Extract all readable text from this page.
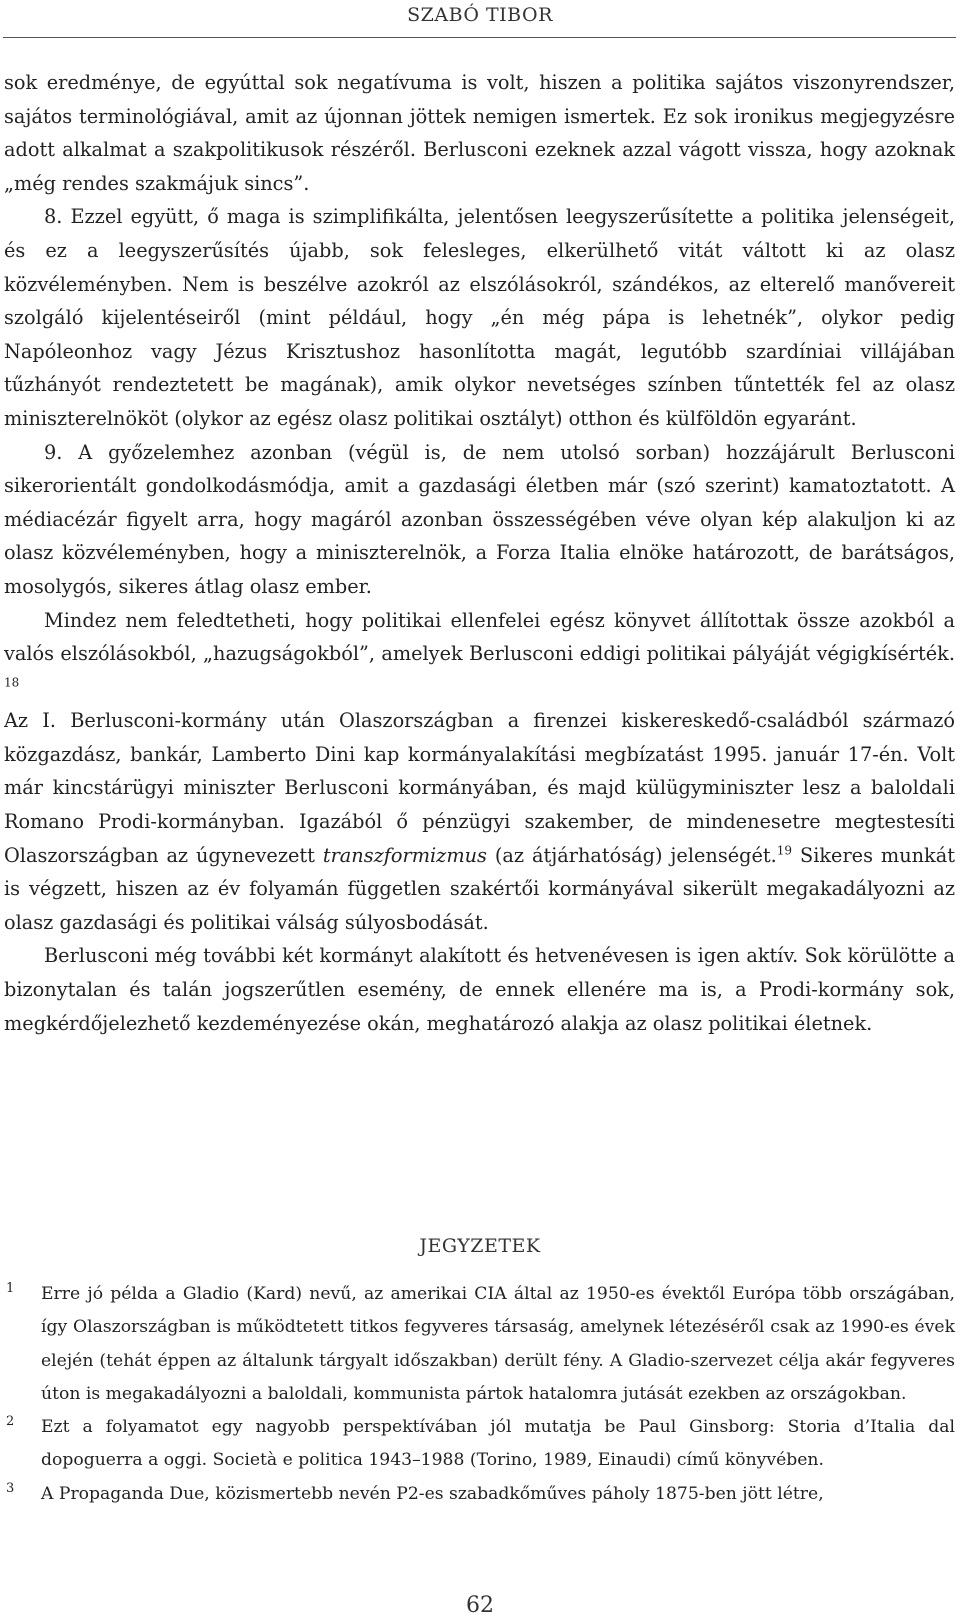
SZABÓ TIBOR

sok eredménye, de egyúttal sok negatívuma is volt, hiszen a politika sajátos viszonyrendszer, sajátos terminológiával, amit az újonnan jöttek nemigen ismertek. Ez sok ironikus megjegyzésre adott alkalmat a szakpolitikusok részéről. Berlusconi ezeknek azzal vágott vissza, hogy azoknak „még rendes szakmájuk sincs”.

8. Ezzel együtt, ő maga is szimplifikálta, jelentősen leegyszerűsítette a politika jelenségeit, és ez a leegyszerűsítés újabb, sok felesleges, elkerülhető vitát váltott ki az olasz közvéleményben. Nem is beszélve azokról az elszólásokról, szándékos, az elterelő manővereit szolgáló kijelentéseiről (mint például, hogy „én még pápa is lehetnék”, olykor pedig Napóleonhoz vagy Jézus Krisztushoz hasonlította magát, legutóbb szardíniai villájában tűzhányót rendeztetett be magának), amik olykor nevetséges színben tűntették fel az olasz miniszterelnököt (olykor az egész olasz politikai osztályt) otthon és külföldön egyaránt.

9. A győzelemhez azonban (végül is, de nem utolsó sorban) hozzájárult Berlusconi sikerorientált gondolkodásmódja, amit a gazdasági életben már (szó szerint) kamatoztatott. A médiacézár figyelt arra, hogy magáról azonban összességében véve olyan kép alakuljon ki az olasz közvéleményben, hogy a miniszterelnök, a Forza Italia elnöke határozott, de barátságos, mosolygós, sikeres átlag olasz ember.

Mindez nem feledtetheti, hogy politikai ellenfelei egész könyvet állítottak össze azokból a valós elszólásokból, „hazugságokból”, amelyek Berlusconi eddigi politikai pályáját végigkísérték. $^{18}$

Az I. Berlusconi-kormány után Olaszországban a firenzei kiskereskedő-családból származó közgazdász, bankár, Lamberto Dini kap kormányalakítási megbízatást 1995. január 17-én. Volt már kincstárügyi miniszter Berlusconi kormányában, és majd külügyminiszter lesz a baloldali Romano Prodi-kormányban. Igazából ő pénzügyi szakember, de mindenesetre megtestesíti Olaszországban az úgynevezett transzformizmus (az átjárhatóság) jelenségét.$^{19}$ Sikeres munkát is végzett, hiszen az év folyamán független szakértői kormányával sikerült megakadályozni az olasz gazdasági és politikai válság súlyosbodását.

Berlusconi még további két kormányt alakított és hetvenévesen is igen aktív. Sok körülötte a bizonytalan és talán jogszerűtlen esemény, de ennek ellenére ma is, a Prodi-kormány sok, megkérdőjelezhető kezdeményezése okán, meghatározó alakja az olasz politikai életnek.

JEGYZETEK
1 Erre jó példa a Gladio (Kard) nevű, az amerikai CIA által az 1950-es évektől Európa több országában, így Olaszországban is működtetett titkos fegyveres társaság, amelynek létezéséről csak az 1990-es évek elején (tehát éppen az általunk tárgyalt időszakban) derült fény. A Gladio-szervezet célja akár fegyveres úton is megakadályozni a baloldali, kommunista pártok hatalomra jutását ezekben az országokban.
2 Ezt a folyamatot egy nagyobb perspektívában jól mutatja be Paul Ginsborg: Storia d’Italia dal dopoguerra a oggi. Società e politica 1943–1988 (Torino, 1989, Einaudi) című könyvében.
3 A Propaganda Due, közismertebb nevén P2-es szabadkőműves páholy 1875-ben jött létre,
62
